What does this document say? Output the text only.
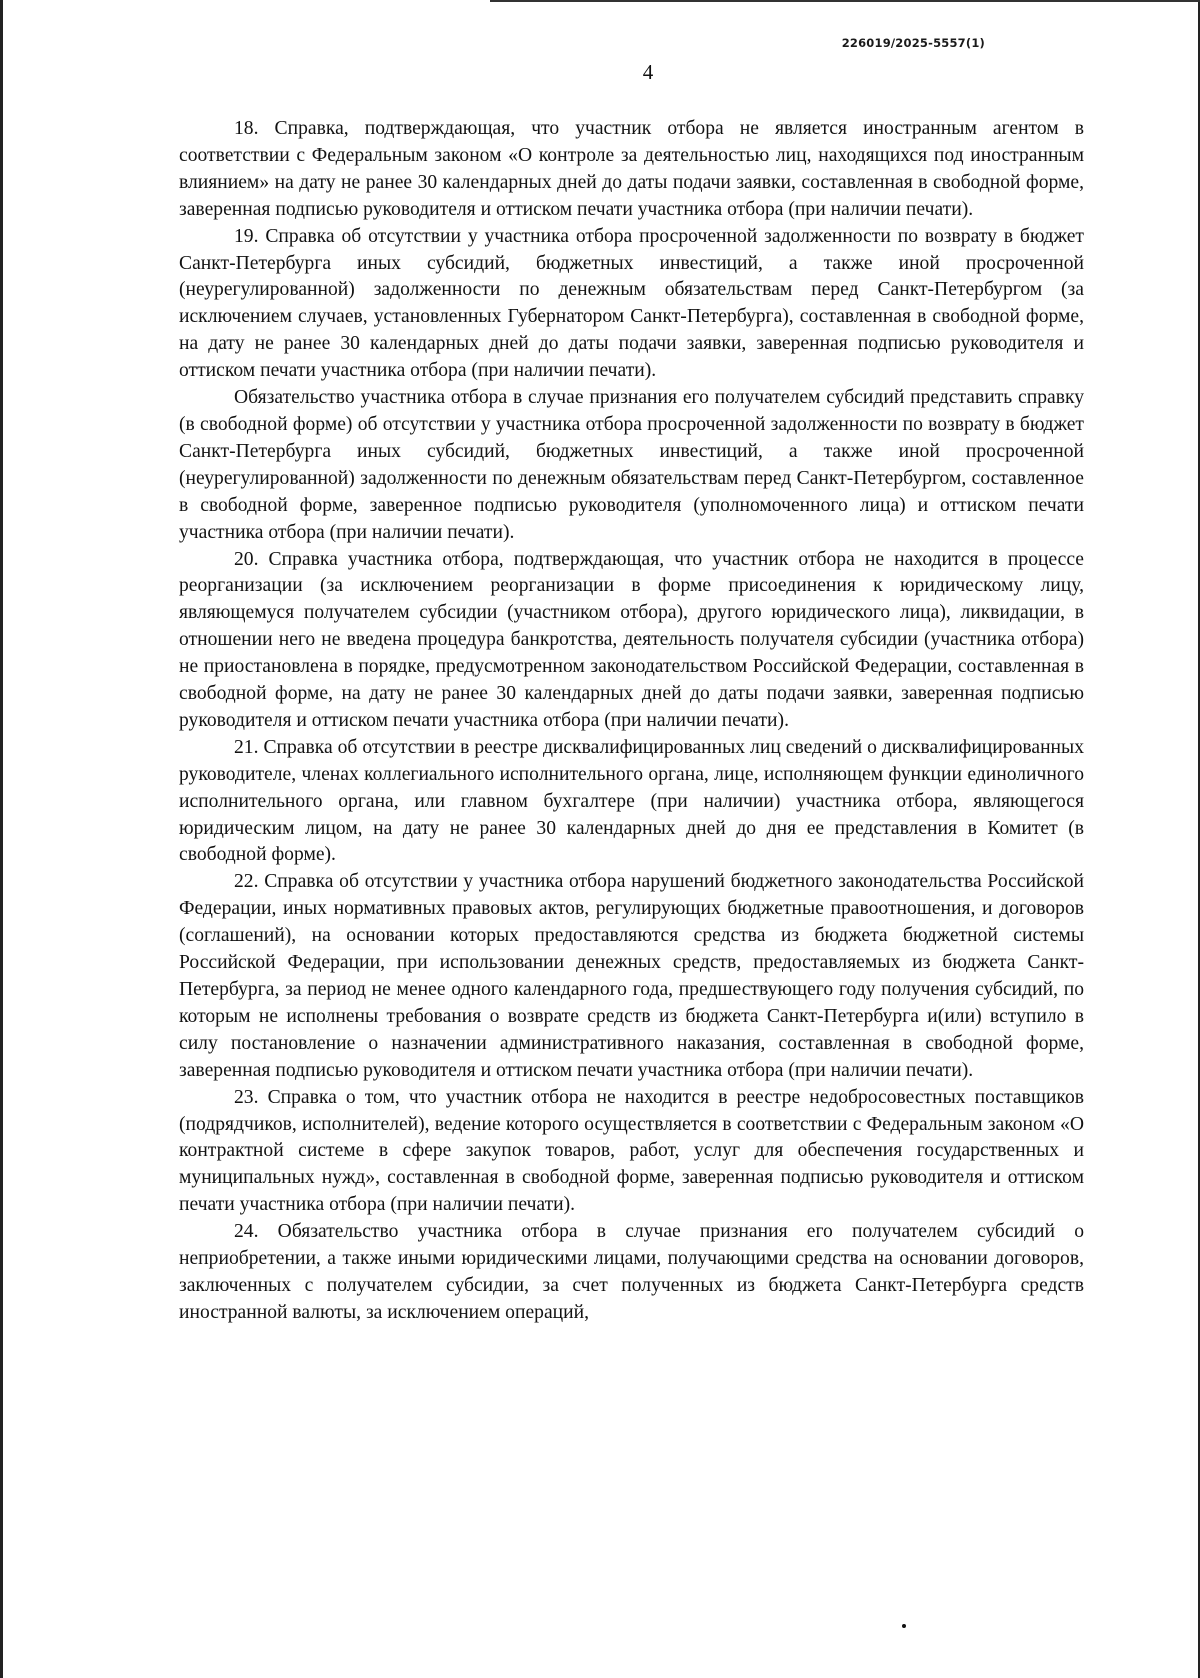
226019/2025-5557(1)
4

18. Справка, подтверждающая, что участник отбора не является иностранным агентом в соответствии с Федеральным законом «О контроле за деятельностью лиц, находящихся под иностранным влиянием» на дату не ранее 30 календарных дней до даты подачи заявки, составленная в свободной форме, заверенная подписью руководителя и оттиском печати участника отбора (при наличии печати).

19. Справка об отсутствии у участника отбора просроченной задолженности по возврату в бюджет Санкт-Петербурга иных субсидий, бюджетных инвестиций, а также иной просроченной (неурегулированной) задолженности по денежным обязательствам перед Санкт-Петербургом (за исключением случаев, установленных Губернатором Санкт-Петербурга), составленная в свободной форме, на дату не ранее 30 календарных дней до даты подачи заявки, заверенная подписью руководителя и оттиском печати участника отбора (при наличии печати).

Обязательство участника отбора в случае признания его получателем субсидий представить справку (в свободной форме) об отсутствии у участника отбора просроченной задолженности по возврату в бюджет Санкт-Петербурга иных субсидий, бюджетных инвестиций, а также иной просроченной (неурегулированной) задолженности по денежным обязательствам перед Санкт-Петербургом, составленное в свободной форме, заверенное подписью руководителя (уполномоченного лица) и оттиском печати участника отбора (при наличии печати).

20. Справка участника отбора, подтверждающая, что участник отбора не находится в процессе реорганизации (за исключением реорганизации в форме присоединения к юридическому лицу, являющемуся получателем субсидии (участником отбора), другого юридического лица), ликвидации, в отношении него не введена процедура банкротства, деятельность получателя субсидии (участника отбора) не приостановлена в порядке, предусмотренном законодательством Российской Федерации, составленная в свободной форме, на дату не ранее 30 календарных дней до даты подачи заявки, заверенная подписью руководителя и оттиском печати участника отбора (при наличии печати).

21. Справка об отсутствии в реестре дисквалифицированных лиц сведений о дисквалифицированных руководителе, членах коллегиального исполнительного органа, лице, исполняющем функции единоличного исполнительного органа, или главном бухгалтере (при наличии) участника отбора, являющегося юридическим лицом, на дату не ранее 30 календарных дней до дня ее представления в Комитет (в свободной форме).

22. Справка об отсутствии у участника отбора нарушений бюджетного законодательства Российской Федерации, иных нормативных правовых актов, регулирующих бюджетные правоотношения, и договоров (соглашений), на основании которых предоставляются средства из бюджета бюджетной системы Российской Федерации, при использовании денежных средств, предоставляемых из бюджета Санкт-Петербурга, за период не менее одного календарного года, предшествующего году получения субсидий, по которым не исполнены требования о возврате средств из бюджета Санкт-Петербурга и(или) вступило в силу постановление о назначении административного наказания, составленная в свободной форме, заверенная подписью руководителя и оттиском печати участника отбора (при наличии печати).

23. Справка о том, что участник отбора не находится в реестре недобросовестных поставщиков (подрядчиков, исполнителей), ведение которого осуществляется в соответствии с Федеральным законом «О контрактной системе в сфере закупок товаров, работ, услуг для обеспечения государственных и муниципальных нужд», составленная в свободной форме, заверенная подписью руководителя и оттиском печати участника отбора (при наличии печати).

24. Обязательство участника отбора в случае признания его получателем субсидий о неприобретении, а также иными юридическими лицами, получающими средства на основании договоров, заключенных с получателем субсидии, за счет полученных из бюджета Санкт-Петербурга средств иностранной валюты, за исключением операций,
